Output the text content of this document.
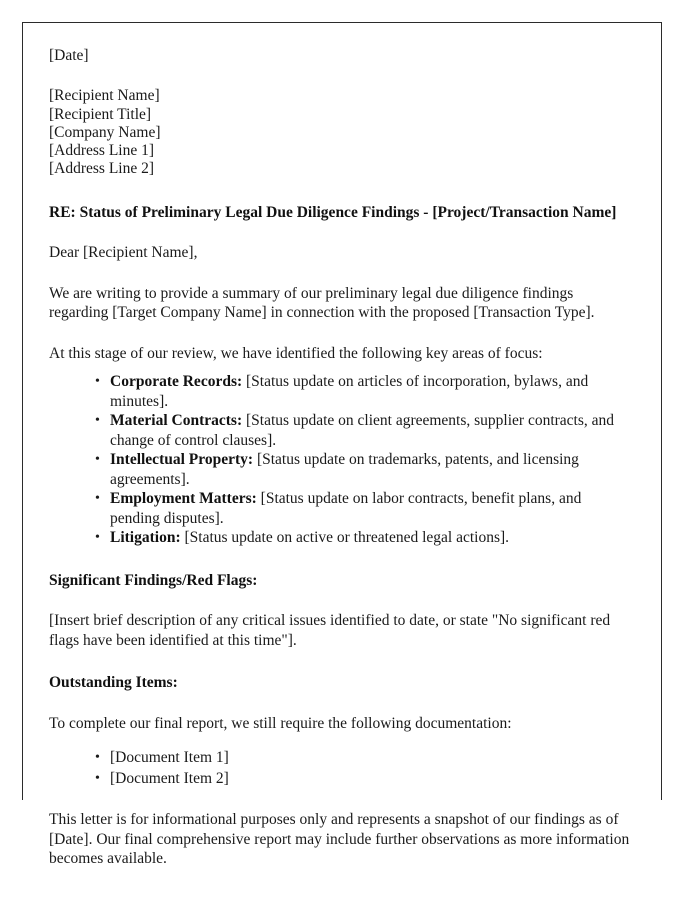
[Date]
[Recipient Name]
[Recipient Title]
[Company Name]
[Address Line 1]
[Address Line 2]
RE: Status of Preliminary Legal Due Diligence Findings - [Project/Transaction Name]
Dear [Recipient Name],
We are writing to provide a summary of our preliminary legal due diligence findings regarding [Target Company Name] in connection with the proposed [Transaction Type].
At this stage of our review, we have identified the following key areas of focus:
• Corporate Records: [Status update on articles of incorporation, bylaws, and minutes].
• Material Contracts: [Status update on client agreements, supplier contracts, and change of control clauses].
• Intellectual Property: [Status update on trademarks, patents, and licensing agreements].
• Employment Matters: [Status update on labor contracts, benefit plans, and pending disputes].
• Litigation: [Status update on active or threatened legal actions].
Significant Findings/Red Flags:
[Insert brief description of any critical issues identified to date, or state "No significant red flags have been identified at this time"].
Outstanding Items:
To complete our final report, we still require the following documentation:
• [Document Item 1]
• [Document Item 2]
This letter is for informational purposes only and represents a snapshot of our findings as of [Date]. Our final comprehensive report may include further observations as more information becomes available.
